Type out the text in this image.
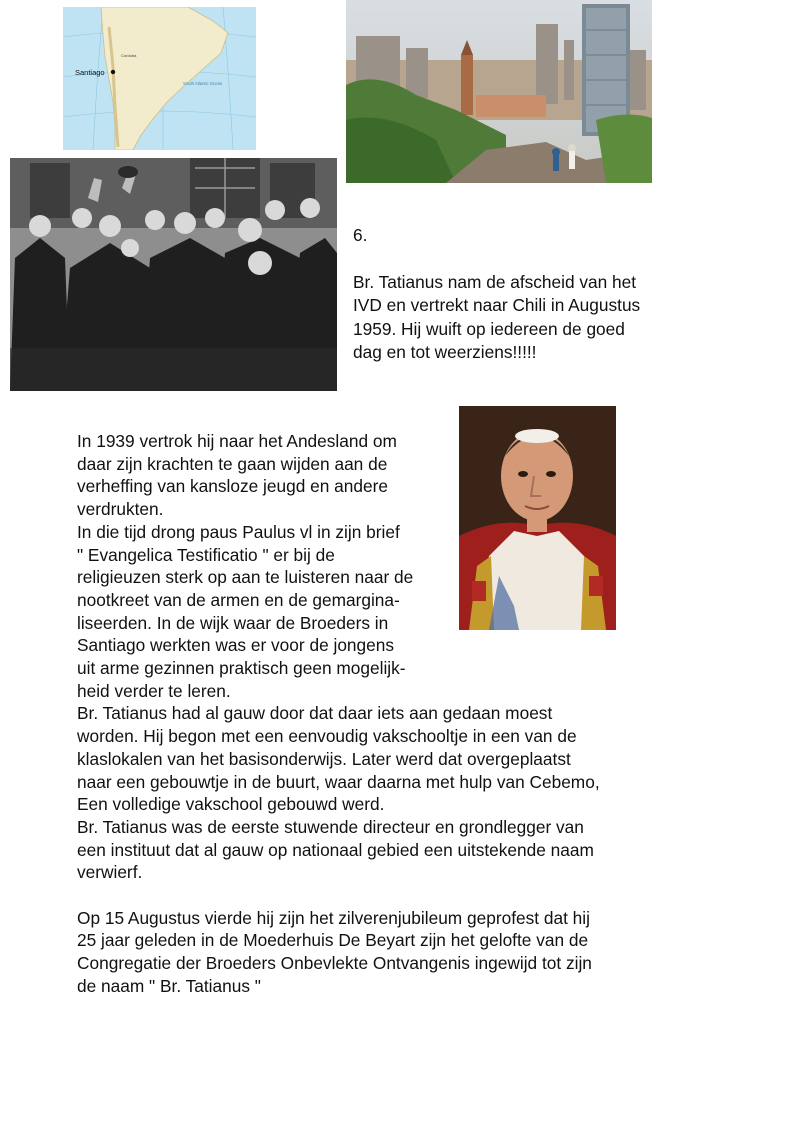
Santiago
Córdoba
South Atlantic Ocean
6.
Br. Tatianus nam de afscheid van het IVD en vertrekt naar Chili in Augustus 1959. Hij wuift op iedereen de goed dag en tot weerziens!!!!!

In 1939 vertrok hij naar het Andesland om

daar zijn krachten te gaan wijden aan de

verheffing van kansloze jeugd en andere

verdrukten.

In die tijd drong paus Paulus vl in zijn brief

" Evangelica Testificatio " er bij de

religieuzen sterk op aan te luisteren naar de

nootkreet van de armen en de gemargina-

liseerden. In de wijk waar de Broeders in

Santiago werkten was er voor de jongens

uit arme gezinnen praktisch geen mogelijk-

heid verder te leren.

Br. Tatianus had al gauw door dat daar iets aan gedaan moest

worden. Hij begon met een eenvoudig vakschooltje in een van de

klaslokalen van het basisonderwijs. Later werd dat overgeplaatst

naar een gebouwtje in de buurt, waar daarna met hulp van Cebemo,

Een volledige vakschool gebouwd werd.

Br. Tatianus was de eerste stuwende directeur en grondlegger van

een instituut dat al gauw op nationaal gebied een uitstekende naam

verwierf.

Op 15 Augustus vierde hij zijn het zilverenjubileum geprofest dat hij

25 jaar geleden in de Moederhuis De Beyart zijn het gelofte van de

Congregatie der Broeders Onbevlekte Ontvangenis ingewijd tot zijn

de naam " Br. Tatianus "
